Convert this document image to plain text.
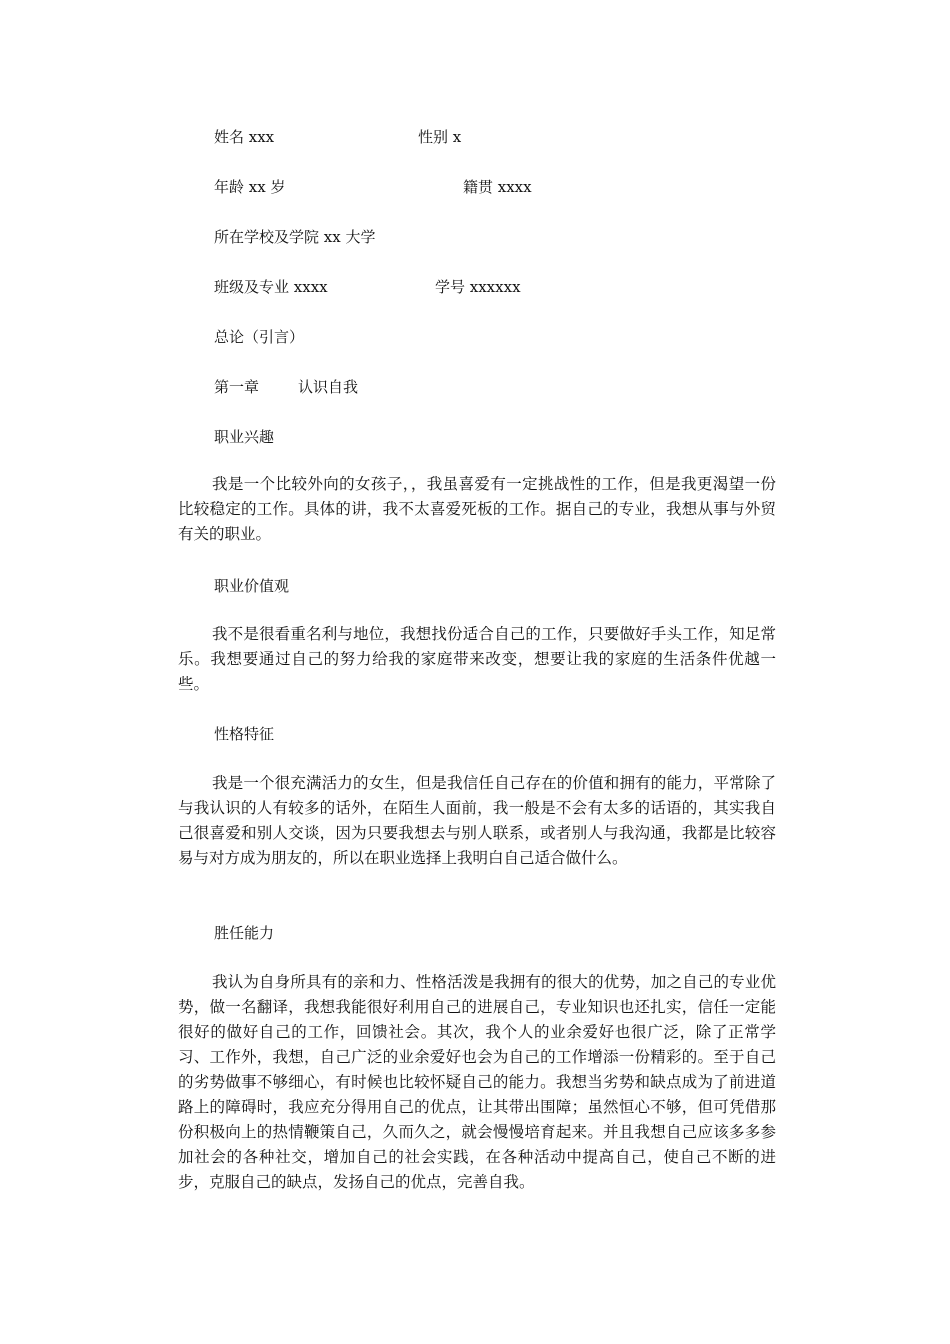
姓名 xxx	性别 x
年龄 xx 岁	籍贯 xxxx
所在学校及学院 xx 大学
班级及专业 xxxx	学号 xxxxxx
总论（引言）
第一章	认识自我
职业兴趣
我是一个比较外向的女孩子，，我虽喜爱有一定挑战性的工作，但是我更渴望一份比较稳定的工作。具体的讲，我不太喜爱死板的工作。据自己的专业，我想从事与外贸有关的职业。
职业价值观
我不是很看重名利与地位，我想找份适合自己的工作，只要做好手头工作，知足常乐。我想要通过自己的努力给我的家庭带来改变，想要让我的家庭的生活条件优越一些。
性格特征
我是一个很充满活力的女生，但是我信任自己存在的价值和拥有的能力，平常除了与我认识的人有较多的话外，在陌生人面前，我一般是不会有太多的话语的，其实我自己很喜爱和别人交谈，因为只要我想去与别人联系，或者别人与我沟通，我都是比较容易与对方成为朋友的，所以在职业选择上我明白自己适合做什么。
胜任能力
我认为自身所具有的亲和力、性格活泼是我拥有的很大的优势，加之自己的专业优势，做一名翻译，我想我能很好利用自己的进展自己，专业知识也还扎实，信任一定能很好的做好自己的工作，回馈社会。其次，我个人的业余爱好也很广泛，除了正常学习、工作外，我想，自己广泛的业余爱好也会为自己的工作增添一份精彩的。至于自己的劣势做事不够细心，有时候也比较怀疑自己的能力。我想当劣势和缺点成为了前进道路上的障碍时，我应充分得用自己的优点，让其带出围障；虽然恒心不够，但可凭借那份积极向上的热情鞭策自己，久而久之，就会慢慢培育起来。并且我想自己应该多多参加社会的各种社交，增加自己的社会实践，在各种活动中提高自己，使自己不断的进步，克服自己的缺点，发扬自己的优点，完善自我。
